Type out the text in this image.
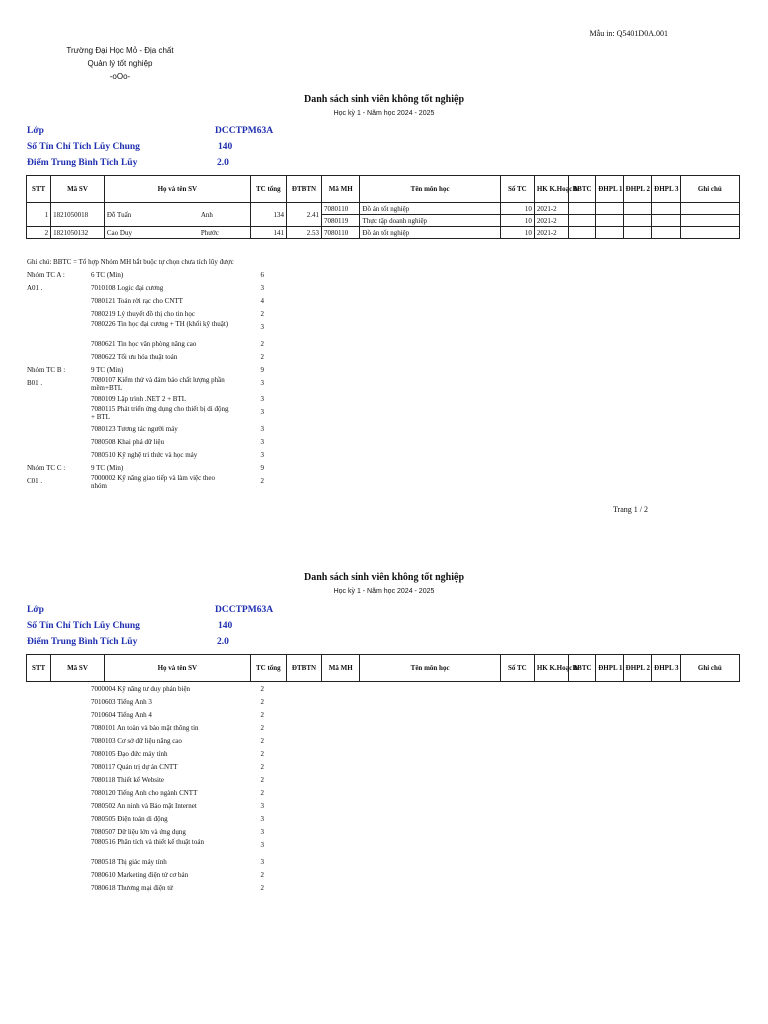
Mẫu in: Q5401D0A.001
Trường Đại Học Mỏ - Địa chất
Quản lý tốt nghiệp
-oOo-
Danh sách sinh viên không tốt nghiệp
Học kỳ 1 - Năm học 2024 - 2025
Lớp	DCCTPM63A
Số Tín Chỉ Tích Lũy Chung	140
Điểm Trung Bình Tích Lũy	2.0
STT	Mã SV	Họ và tên SV	TC tổng	ĐTBTN	Mã MH	Tên môn học	Số TC	HK K.Hoạc h	BBTC	ĐHPL 1	ĐHPL 2	ĐHPL 3	Ghi chú
1	1821050018	Đỗ Tuấn Anh	134	2.41	7080110	Đồ án tốt nghiệp	10	2021-2					
					7080119	Thực tập doanh nghiệp	10	2021-2					
2	1821050132	Cao Duy Phước	141	2.53	7080110	Đồ án tốt nghiệp	10	2021-2					
Ghi chú: BBTC = Tổ hợp Nhóm MH bắt buộc tự chọn chưa tích lũy được
Nhóm TC A :	6 TC (Min)	6
A01 .	7010108 Logic đại cương	3
7080121 Toán rời rạc cho CNTT	4
7080219 Lý thuyết đồ thị cho tin học	2
7080226 Tin học đại cương + TH (khối kỹ thuật)	3
7080621 Tin học văn phòng nâng cao	2
7080622 Tối ưu hóa thuật toán	2
Nhóm TC B :	9 TC (Min)	9
B01 .	7080107 Kiểm thử và đảm bảo chất lượng phần mềm+BTL
3
7080109 Lập trình .NET 2 + BTL	3
7080115 Phát triển ứng dụng cho thiết bị di động + BTL
3
7080123 Tương tác người máy	3
7080508 Khai phá dữ liệu	3
7080510 Kỹ nghệ tri thức và học máy	3
Nhóm TC C :	9 TC (Min)	9
C01 .	7000002 Kỹ năng giao tiếp và làm việc theo nhóm
2
Trang 1 / 2
Danh sách sinh viên không tốt nghiệp
Học kỳ 1 - Năm học 2024 - 2025
Lớp	DCCTPM63A
Số Tín Chỉ Tích Lũy Chung	140
Điểm Trung Bình Tích Lũy	2.0
STT	Mã SV	Họ và tên SV	TC tổng	ĐTBTN	Mã MH	Tên môn học	Số TC	HK K.Hoạc h	BBTC	ĐHPL 1	ĐHPL 2	ĐHPL 3	Ghi chú
7000004 Kỹ năng tư duy phản biện	2
7010603 Tiếng Anh 3	2
7010604 Tiếng Anh 4	2
7080101 An toàn và bảo mật thông tin	2
7080103 Cơ sở dữ liệu nâng cao	2
7080105 Đạo đức máy tính	2
7080117 Quản trị dự án CNTT	2
7080118 Thiết kế Website	2
7080120 Tiếng Anh cho ngành CNTT	2
7080502 An ninh và Bảo mật Internet	3
7080505 Điện toán di động	3
7080507 Dữ liệu lớn và ứng dụng	3
7080516 Phân tích và thiết kế thuật toán	3
7080518 Thị giác máy tính	3
7080610 Marketing điện tử cơ bản	2
7080618 Thương mại điện tử	2
